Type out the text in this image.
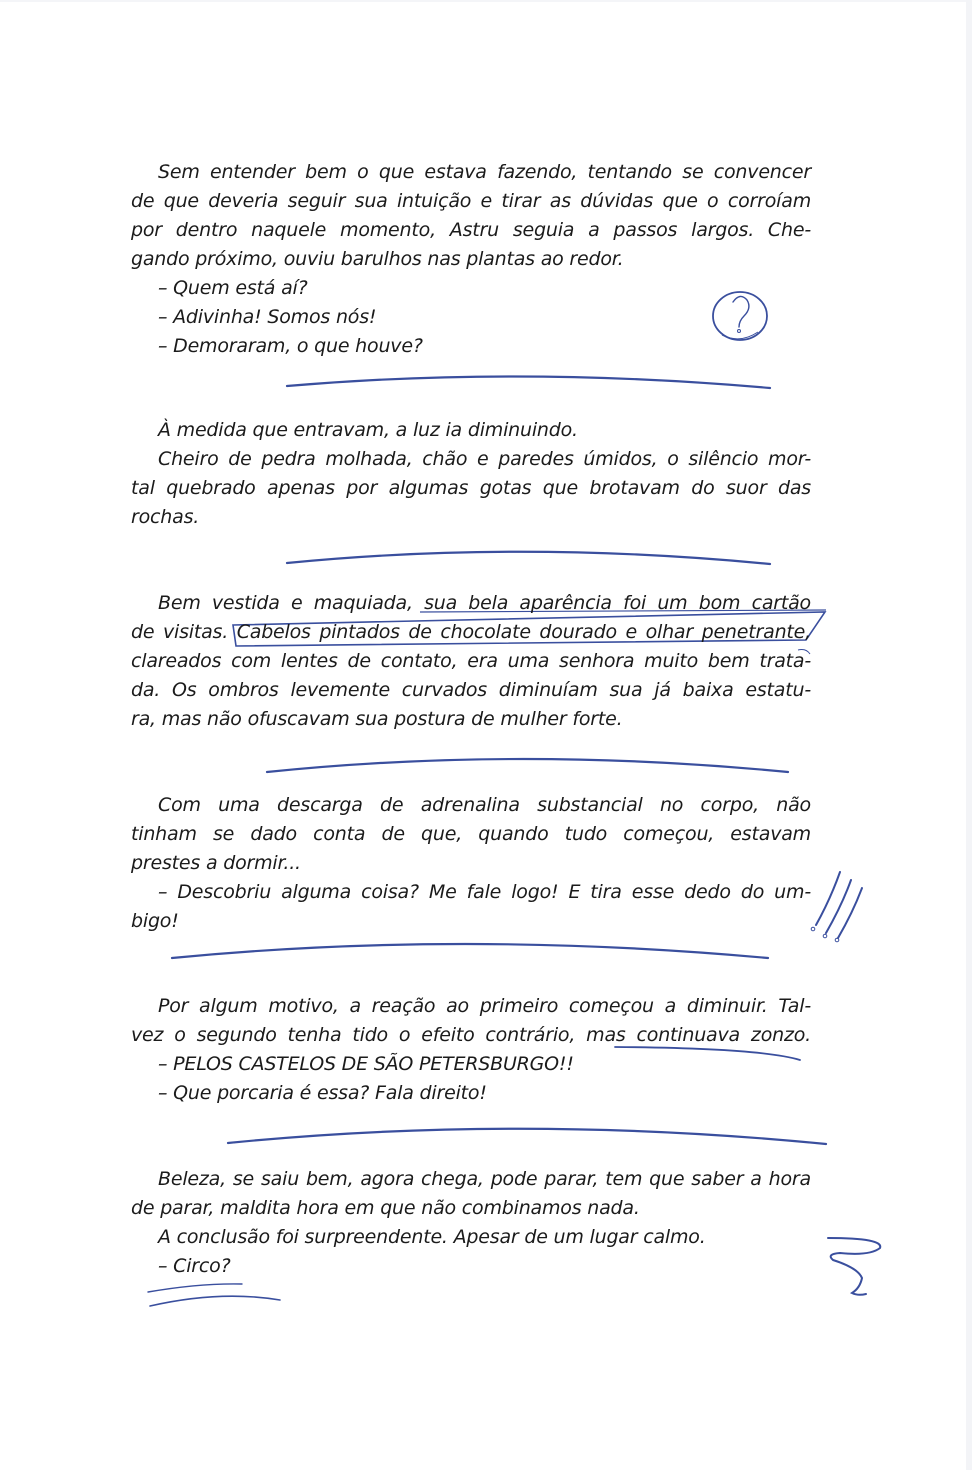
Sem entender bem o que estava fazendo, tentando se convencer
de que deveria seguir sua intuição e tirar as dúvidas que o corroíam
por dentro naquele momento, Astru seguia a passos largos. Che-
gando próximo, ouviu barulhos nas plantas ao redor.
– Quem está aí?
– Adivinha! Somos nós!
– Demoraram, o que houve?
À medida que entravam, a luz ia diminuindo.
Cheiro de pedra molhada, chão e paredes úmidos, o silêncio mor-
tal quebrado apenas por algumas gotas que brotavam do suor das
rochas.
Bem vestida e maquiada, sua bela aparência foi um bom cartão
de visitas. Cabelos pintados de chocolate dourado e olhar penetrante,
clareados com lentes de contato, era uma senhora muito bem trata-
da. Os ombros levemente curvados diminuíam sua já baixa estatu-
ra, mas não ofuscavam sua postura de mulher forte.
Com uma descarga de adrenalina substancial no corpo, não
tinham se dado conta de que, quando tudo começou, estavam
prestes a dormir...
– Descobriu alguma coisa? Me fale logo! E tira esse dedo do um-
bigo!
Por algum motivo, a reação ao primeiro começou a diminuir. Tal-
vez o segundo tenha tido o efeito contrário, mas continuava zonzo.
– PELOS CASTELOS DE SÃO PETERSBURGO!!
– Que porcaria é essa? Fala direito!
Beleza, se saiu bem, agora chega, pode parar, tem que saber a hora
de parar, maldita hora em que não combinamos nada.
A conclusão foi surpreendente. Apesar de um lugar calmo.
– Circo?
